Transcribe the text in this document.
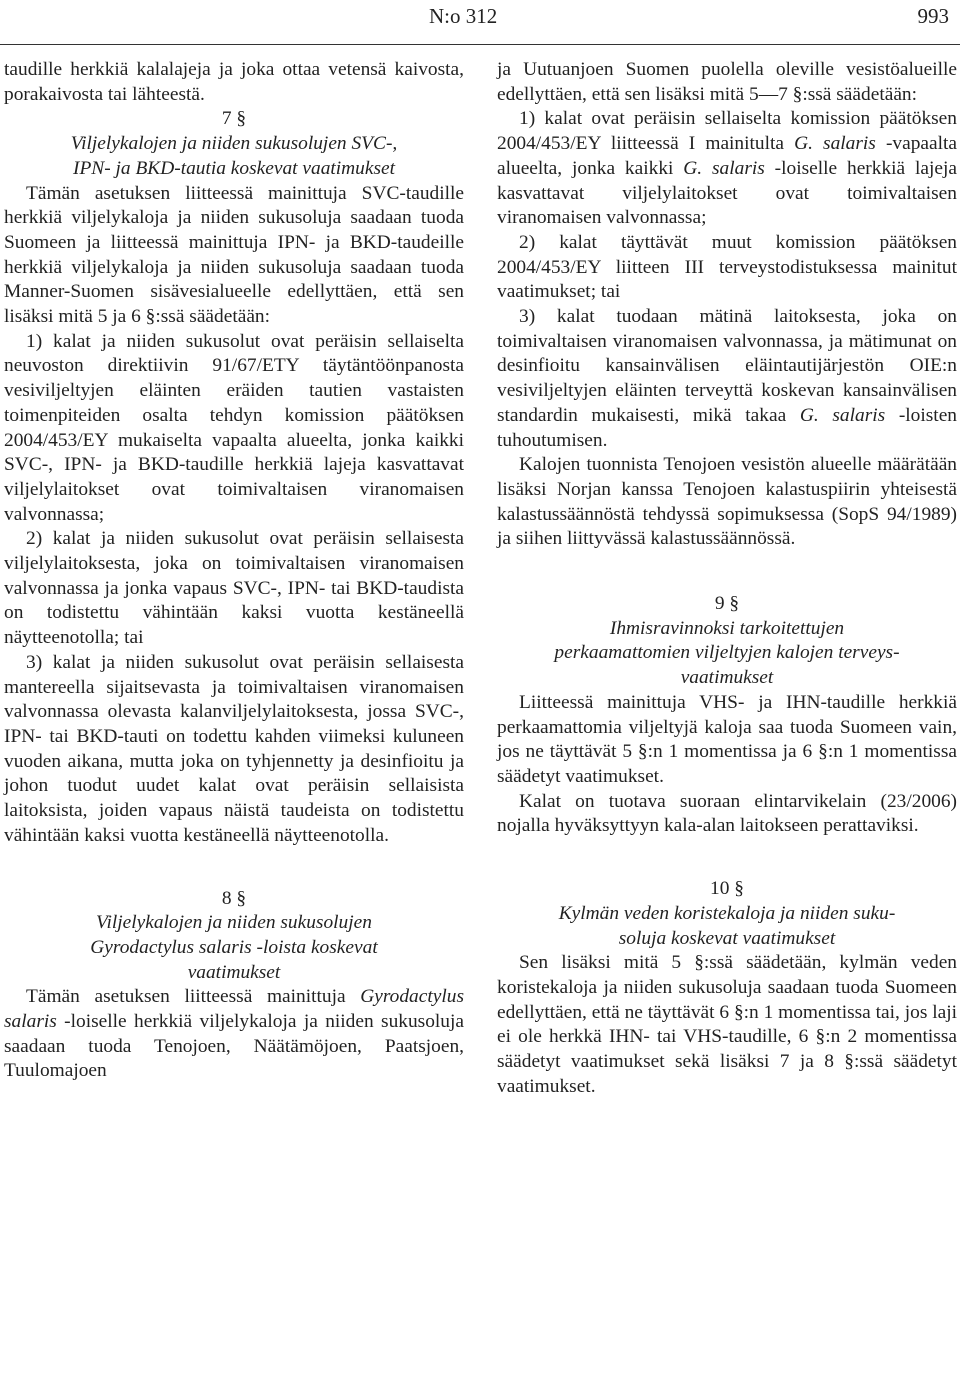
N:o 312	993

taudille herkkiä kalalajeja ja joka ottaa vetensä kaivosta, porakaivosta tai lähteestä.

7 §

Viljelykalojen ja niiden sukusolujen SVC-,
IPN- ja BKD-tautia koskevat vaatimukset

Tämän asetuksen liitteessä mainittuja SVC-taudille herkkiä viljelykaloja ja niiden sukusoluja saadaan tuoda Suomeen ja liitteessä mainittuja IPN- ja BKD-taudeille herkkiä viljelykaloja ja niiden sukusoluja saadaan tuoda Manner-Suomen sisävesialueelle edellyttäen, että sen lisäksi mitä 5 ja 6 §:ssä säädetään:

1) kalat ja niiden sukusolut ovat peräisin sellaiselta neuvoston direktiivin 91/67/ETY täytäntöönpanosta vesiviljeltyjen eläinten eräiden tautien vastaisten toimenpiteiden osalta tehdyn komission päätöksen 2004/453/EY mukaiselta vapaalta alueelta, jonka kaikki SVC-, IPN- ja BKD-taudille herkkiä lajeja kasvattavat viljelylaitokset ovat toimivaltaisen viranomaisen valvonnassa;

2) kalat ja niiden sukusolut ovat peräisin sellaisesta viljelylaitoksesta, joka on toimivaltaisen viranomaisen valvonnassa ja jonka vapaus SVC-, IPN- tai BKD-taudista on todistettu vähintään kaksi vuotta kestäneellä näytteenotolla; tai

3) kalat ja niiden sukusolut ovat peräisin sellaisesta mantereella sijaitsevasta ja toimivaltaisen viranomaisen valvonnassa olevasta kalanviljelylaitoksesta, jossa SVC-, IPN- tai BKD-tauti on todettu kahden viimeksi kuluneen vuoden aikana, mutta joka on tyhjennetty ja desinfioitu ja johon tuodut uudet kalat ovat peräisin sellaisista laitoksista, joiden vapaus näistä taudeista on todistettu vähintään kaksi vuotta kestäneellä näytteenotolla.

8 §

Viljelykalojen ja niiden sukusolujen
Gyrodactylus salaris -loista koskevat
vaatimukset

Tämän asetuksen liitteessä mainittuja Gyrodactylus salaris -loiselle herkkiä viljelykaloja ja niiden sukusoluja saadaan tuoda Tenojoen, Näätämöjoen, Paatsjoen, Tuulomajoen

ja Uutuanjoen Suomen puolella oleville vesistöalueille edellyttäen, että sen lisäksi mitä 5—7 §:ssä säädetään:

1) kalat ovat peräisin sellaiselta komission päätöksen 2004/453/EY liitteessä I mainitulta G. salaris -vapaalta alueelta, jonka kaikki G. salaris -loiselle herkkiä lajeja kasvattavat viljelylaitokset ovat toimivaltaisen viranomaisen valvonnassa;

2) kalat täyttävät muut komission päätöksen 2004/453/EY liitteen III terveystodistuksessa mainitut vaatimukset; tai

3) kalat tuodaan mätinä laitoksesta, joka on toimivaltaisen viranomaisen valvonnassa, ja mätimunat on desinfioitu kansainvälisen eläintautijärjestön OIE:n vesiviljeltyjen eläinten terveyttä koskevan kansainvälisen standardin mukaisesti, mikä takaa G. salaris -loisten tuhoutumisen.

Kalojen tuonnista Tenojoen vesistön alueelle määrätään lisäksi Norjan kanssa Tenojoen kalastuspiirin yhteisestä kalastussäännöstä tehdyssä sopimuksessa (SopS 94/1989) ja siihen liittyvässä kalastussäännössä.

9 §

Ihmisravinnoksi tarkoitettujen
perkaamattomien viljeltyjen kalojen terveys-
vaatimukset

Liitteessä mainittuja VHS- ja IHN-taudille herkkiä perkaamattomia viljeltyjä kaloja saa tuoda Suomeen vain, jos ne täyttävät 5 §:n 1 momentissa ja 6 §:n 1 momentissa säädetyt vaatimukset.

Kalat on tuotava suoraan elintarvikelain (23/2006) nojalla hyväksyttyyn kala-alan laitokseen perattaviksi.

10 §

Kylmän veden koristekaloja ja niiden suku-
soluja koskevat vaatimukset

Sen lisäksi mitä 5 §:ssä säädetään, kylmän veden koristekaloja ja niiden sukusoluja saadaan tuoda Suomeen edellyttäen, että ne täyttävät 6 §:n 1 momentissa tai, jos laji ei ole herkkä IHN- tai VHS-taudille, 6 §:n 2 momentissa säädetyt vaatimukset sekä lisäksi 7 ja 8 §:ssä säädetyt vaatimukset.
